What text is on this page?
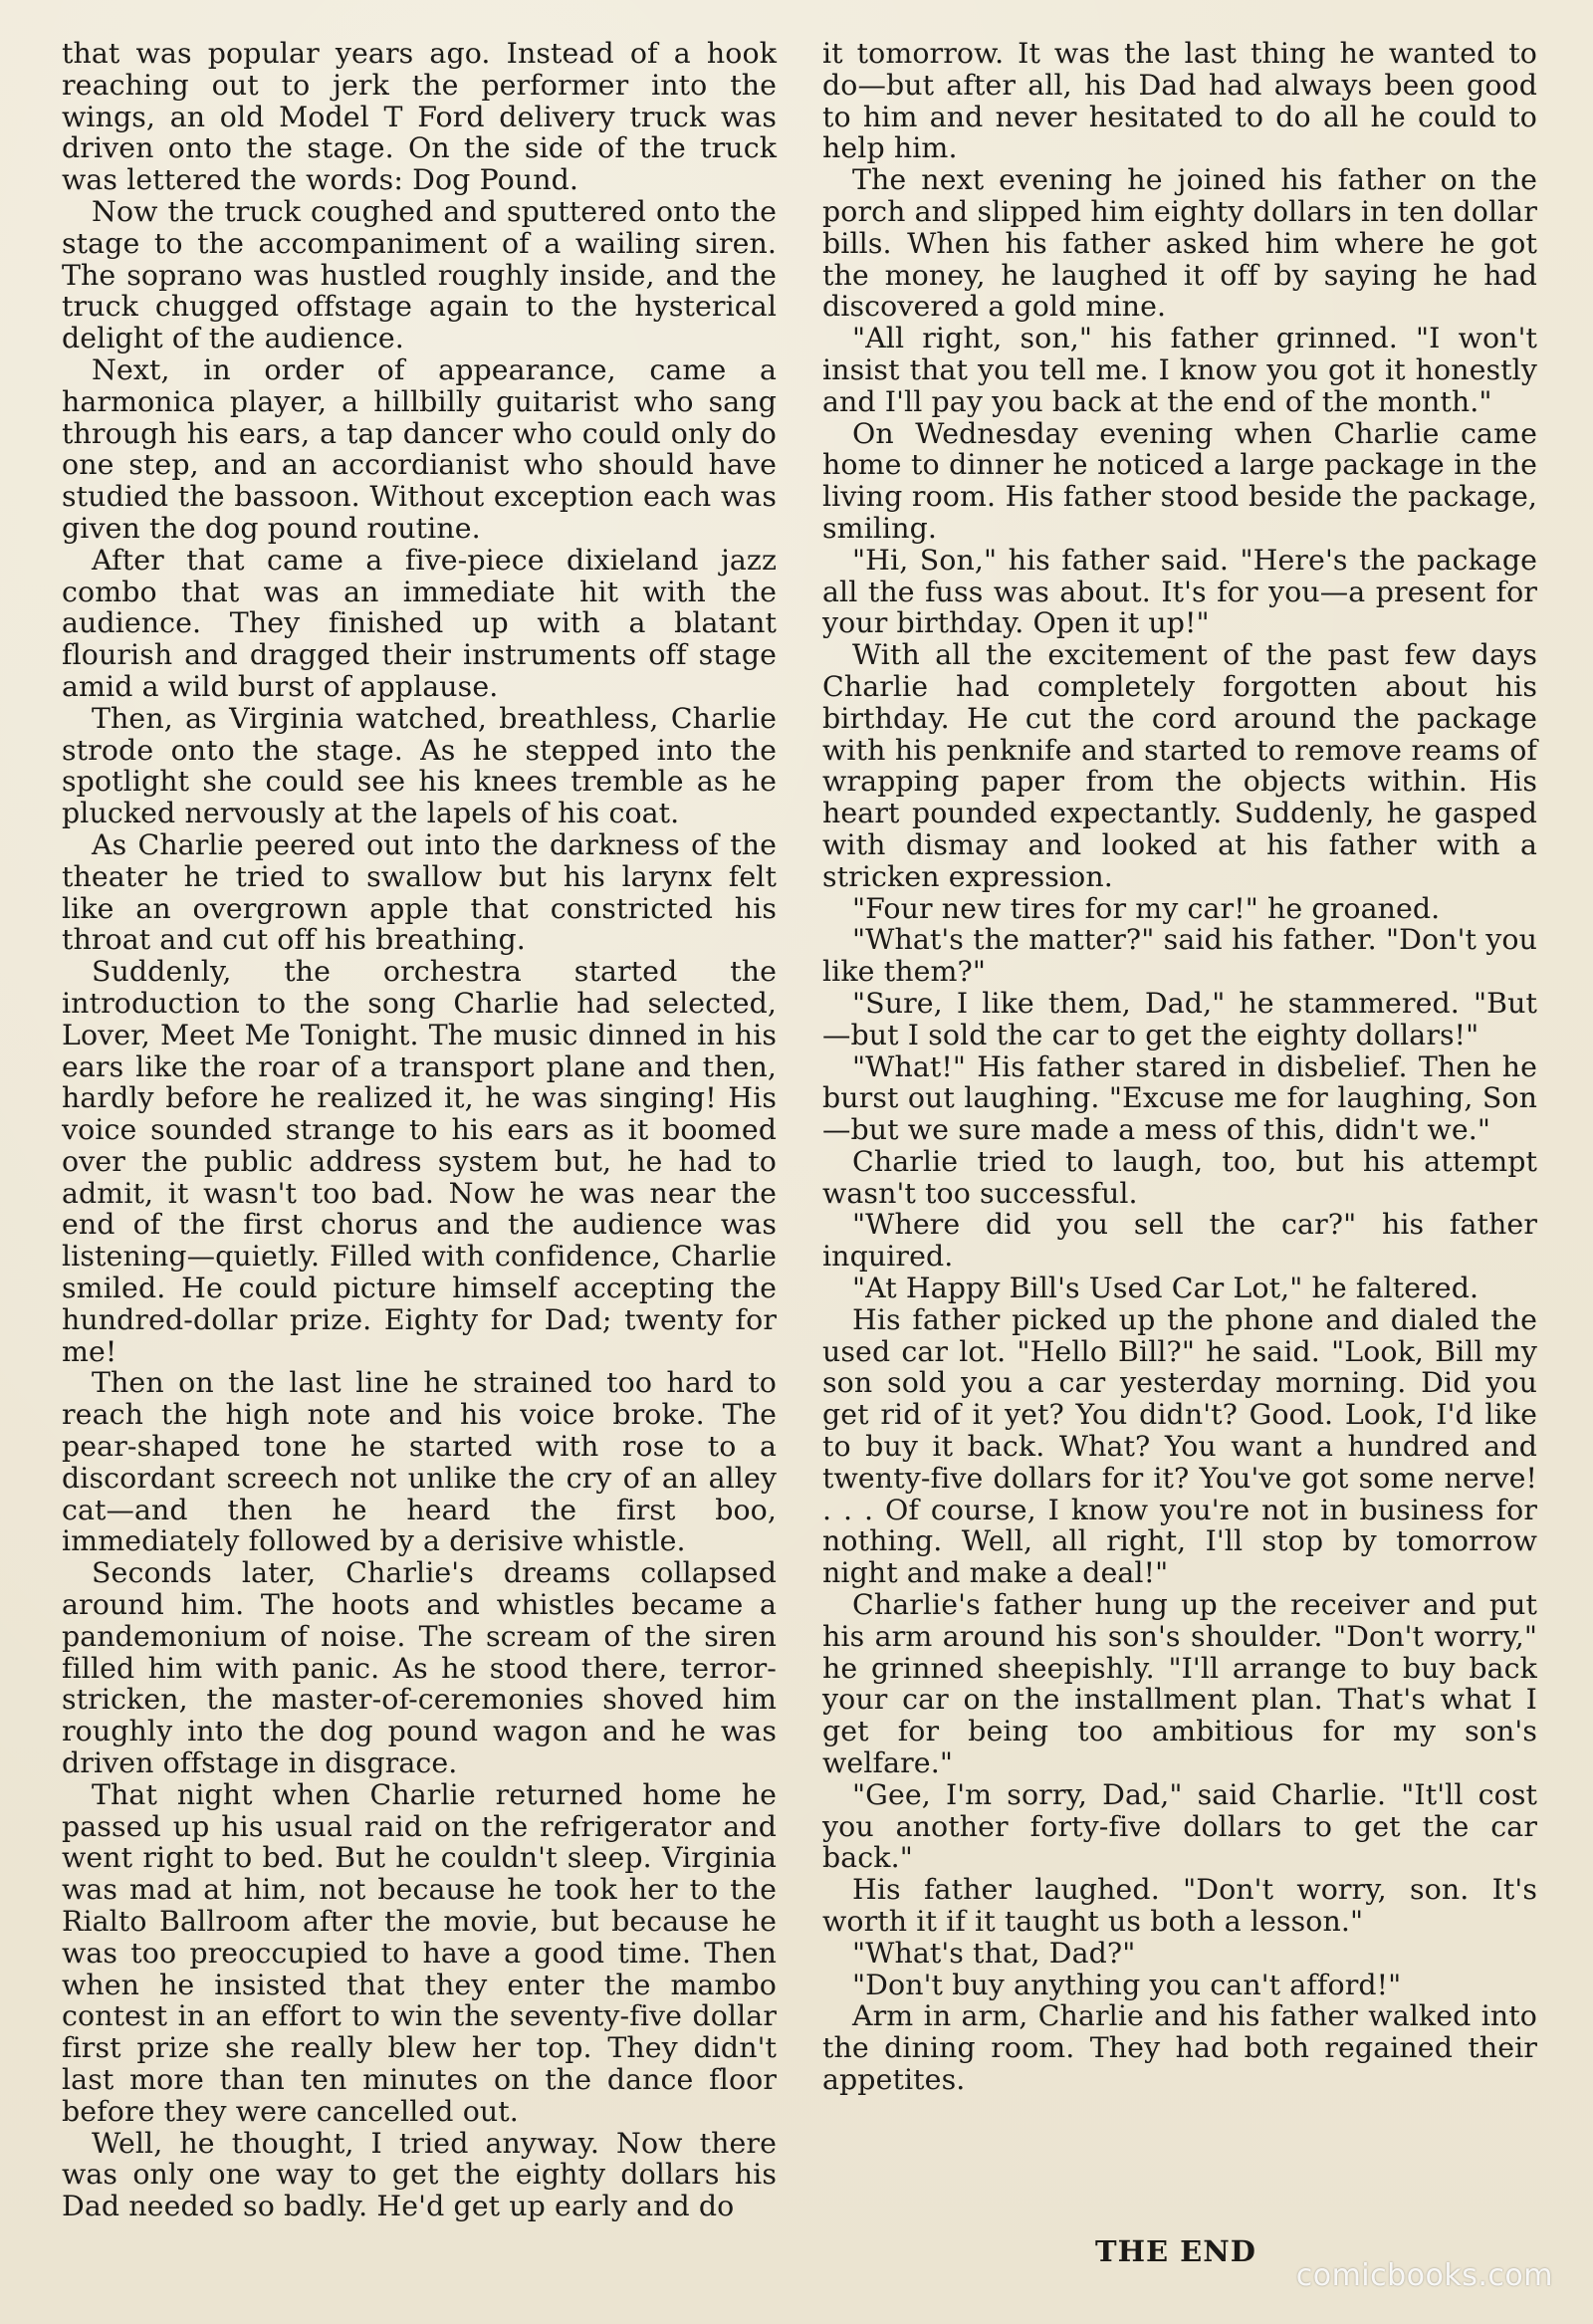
that was popular years ago. Instead of a hook reaching out to jerk the performer into the wings, an old Model T Ford delivery truck was driven onto the stage. On the side of the truck was lettered the words: Dog Pound.

Now the truck coughed and sputtered onto the stage to the accompaniment of a wailing siren. The soprano was hustled roughly inside, and the truck chugged offstage again to the hysterical delight of the audience.

Next, in order of appearance, came a harmonica player, a hillbilly guitarist who sang through his ears, a tap dancer who could only do one step, and an accordianist who should have studied the bassoon. Without exception each was given the dog pound routine.

After that came a five-piece dixieland jazz combo that was an immediate hit with the audience. They finished up with a blatant flourish and dragged their instruments off stage amid a wild burst of applause.

Then, as Virginia watched, breathless, Charlie strode onto the stage. As he stepped into the spotlight she could see his knees tremble as he plucked nervously at the lapels of his coat.

As Charlie peered out into the darkness of the theater he tried to swallow but his larynx felt like an overgrown apple that constricted his throat and cut off his breathing.

Suddenly, the orchestra started the introduction to the song Charlie had selected, Lover, Meet Me Tonight. The music dinned in his ears like the roar of a transport plane and then, hardly before he realized it, he was singing! His voice sounded strange to his ears as it boomed over the public address system but, he had to admit, it wasn't too bad. Now he was near the end of the first chorus and the audience was listening—quietly. Filled with confidence, Charlie smiled. He could picture himself accepting the hundred-dollar prize. Eighty for Dad; twenty for me!

Then on the last line he strained too hard to reach the high note and his voice broke. The pear-shaped tone he started with rose to a discordant screech not unlike the cry of an alley cat—and then he heard the first boo, immediately followed by a derisive whistle.

Seconds later, Charlie's dreams collapsed around him. The hoots and whistles became a pandemonium of noise. The scream of the siren filled him with panic. As he stood there, terror-stricken, the master-of-ceremonies shoved him roughly into the dog pound wagon and he was driven offstage in disgrace.

That night when Charlie returned home he passed up his usual raid on the refrigerator and went right to bed. But he couldn't sleep. Virginia was mad at him, not because he took her to the Rialto Ballroom after the movie, but because he was too preoccupied to have a good time. Then when he insisted that they enter the mambo contest in an effort to win the seventy-five dollar first prize she really blew her top. They didn't last more than ten minutes on the dance floor before they were cancelled out.

Well, he thought, I tried anyway. Now there was only one way to get the eighty dollars his Dad needed so badly. He'd get up early and do

it tomorrow. It was the last thing he wanted to do—but after all, his Dad had always been good to him and never hesitated to do all he could to help him.

The next evening he joined his father on the porch and slipped him eighty dollars in ten dollar bills. When his father asked him where he got the money, he laughed it off by saying he had discovered a gold mine.

"All right, son," his father grinned. "I won't insist that you tell me. I know you got it honestly and I'll pay you back at the end of the month."

On Wednesday evening when Charlie came home to dinner he noticed a large package in the living room. His father stood beside the package, smiling.

"Hi, Son," his father said. "Here's the package all the fuss was about. It's for you—a present for your birthday. Open it up!"

With all the excitement of the past few days Charlie had completely forgotten about his birthday. He cut the cord around the package with his penknife and started to remove reams of wrapping paper from the objects within. His heart pounded expectantly. Suddenly, he gasped with dismay and looked at his father with a stricken expression.

"Four new tires for my car!" he groaned.

"What's the matter?" said his father. "Don't you like them?"

"Sure, I like them, Dad," he stammered. "But —but I sold the car to get the eighty dollars!"

"What!" His father stared in disbelief. Then he burst out laughing. "Excuse me for laughing, Son—but we sure made a mess of this, didn't we."

Charlie tried to laugh, too, but his attempt wasn't too successful.

"Where did you sell the car?" his father inquired.

"At Happy Bill's Used Car Lot," he faltered.

His father picked up the phone and dialed the used car lot. "Hello Bill?" he said. "Look, Bill my son sold you a car yesterday morning. Did you get rid of it yet? You didn't? Good. Look, I'd like to buy it back. What? You want a hundred and twenty-five dollars for it? You've got some nerve! . . . Of course, I know you're not in business for nothing. Well, all right, I'll stop by tomorrow night and make a deal!"

Charlie's father hung up the receiver and put his arm around his son's shoulder. "Don't worry," he grinned sheepishly. "I'll arrange to buy back your car on the installment plan. That's what I get for being too ambitious for my son's welfare."

"Gee, I'm sorry, Dad," said Charlie. "It'll cost you another forty-five dollars to get the car back."

His father laughed. "Don't worry, son. It's worth it if it taught us both a lesson."

"What's that, Dad?"

"Don't buy anything you can't afford!"

Arm in arm, Charlie and his father walked into the dining room. They had both regained their appetites.

THE END
comicbooks.com
